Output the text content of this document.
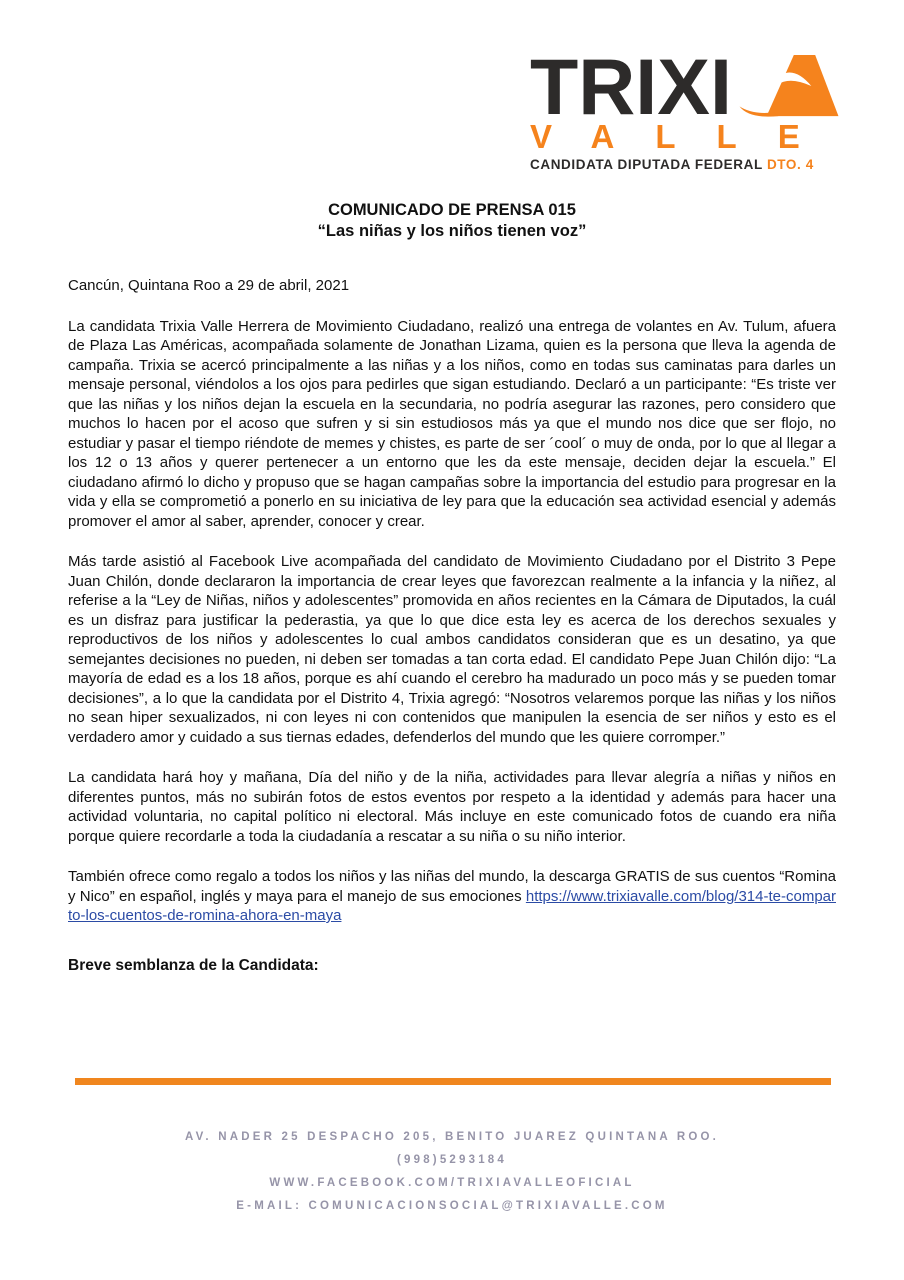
TRIXI
VALLE
CANDIDATA DIPUTADA FEDERAL DTO. 4
COMUNICADO DE PRENSA 015
“Las niñas y los niños tienen voz”

Cancún, Quintana Roo a 29 de abril, 2021

La candidata Trixia Valle Herrera de Movimiento Ciudadano, realizó una entrega de volantes en Av. Tulum, afuera de Plaza Las Américas, acompañada solamente de Jonathan Lizama, quien es la persona que lleva la agenda de campaña. Trixia se acercó principalmente a las niñas y a los niños, como en todas sus caminatas para darles un mensaje personal, viéndolos a los ojos para pedirles que sigan estudiando. Declaró a un participante: “Es triste ver que las niñas y los niños dejan la escuela en la secundaria, no podría asegurar las razones, pero considero que muchos lo hacen por el acoso que sufren y si sin estudiosos más ya que el mundo nos dice que ser flojo, no estudiar y pasar el tiempo riéndote de memes y chistes, es parte de ser ´cool´ o muy de onda, por lo que al llegar a los 12 o 13 años y querer pertenecer a un entorno que les da este mensaje, deciden dejar la escuela.” El ciudadano afirmó lo dicho y propuso que se hagan campañas sobre la importancia del estudio para progresar en la vida y ella se comprometió a ponerlo en su iniciativa de ley para que la educación sea actividad esencial y además promover el amor al saber, aprender, conocer y crear.

Más tarde asistió al Facebook Live acompañada del candidato de Movimiento Ciudadano por el Distrito 3 Pepe Juan Chilón, donde declararon la importancia de crear leyes que favorezcan realmente a la infancia y la niñez, al referise a la “Ley de Niñas, niños y adolescentes” promovida en años recientes en la Cámara de Diputados, la cuál es un disfraz para justificar la pederastia, ya que lo que dice esta ley es acerca de los derechos sexuales y reproductivos de los niños y adolescentes lo cual ambos candidatos consideran que es un desatino, ya que semejantes decisiones no pueden, ni deben ser tomadas a tan corta edad. El candidato Pepe Juan Chilón dijo: “La mayoría de edad es a los 18 años, porque es ahí cuando el cerebro ha madurado un poco más y se pueden tomar decisiones”, a lo que la candidata por el Distrito 4, Trixia agregó: “Nosotros velaremos porque las niñas y los niños no sean hiper sexualizados, ni con leyes ni con contenidos que manipulen la esencia de ser niños y esto es el verdadero amor y cuidado a sus tiernas edades, defenderlos del mundo que les quiere corromper.”

La candidata hará hoy y mañana, Día del niño y de la niña, actividades para llevar alegría a niñas y niños en diferentes puntos, más no subirán fotos de estos eventos por respeto a la identidad y además para hacer una actividad voluntaria, no capital político ni electoral. Más incluye en este comunicado fotos de cuando era niña porque quiere recordarle a toda la ciudadanía a rescatar a su niña o su niño interior.

También ofrece como regalo a todos los niños y las niñas del mundo, la descarga GRATIS de sus cuentos “Romina y Nico” en español, inglés y maya para el manejo de sus emociones https://www.trixiavalle.com/blog/314-te-comparto-los-cuentos-de-romina-ahora-en-maya

Breve semblanza de la Candidata:

AV. NADER 25 DESPACHO 205, BENITO JUAREZ QUINTANA ROO.
(998)5293184
WWW.FACEBOOK.COM/TRIXIAVALLEOFICIAL
E-MAIL: COMUNICACIONSOCIAL@TRIXIAVALLE.COM
